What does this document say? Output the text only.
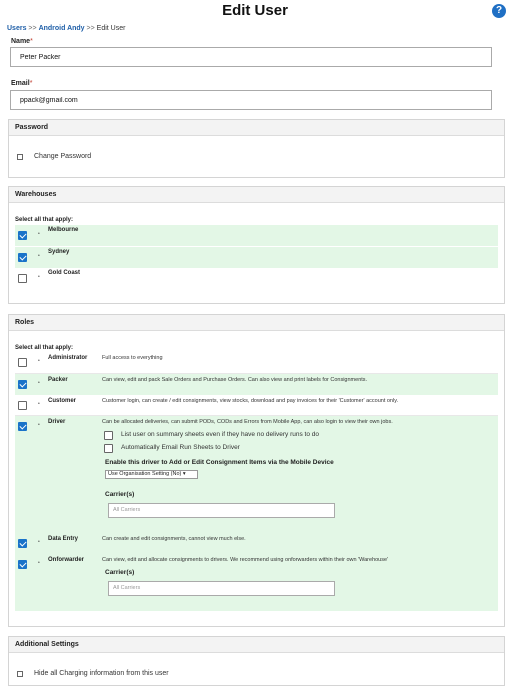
Edit User	?
Users >> Android Andy >> Edit User
Name*
Peter Packer
Email*
ppack@gmail.com
Password
Change Password
Warehouses
Select all that apply:
•
Melbourne
•
Sydney
•
Gold Coast
Roles
Select all that apply:
• Administrator	Full access to everything
• Packer	Can view, edit and pack Sale Orders and Purchase Orders. Can also view and print labels for Consignments.
• Customer	Customer login, can create / edit consignments, view stocks, download and pay invoices for their 'Customer' account only.
• Driver	Can be allocated deliveries, can submit PODs, CODs and Errors from Mobile App, can also login to view their own jobs.
List user on summary sheets even if they have no delivery runs to do
Automatically Email Run Sheets to Driver
Enable this driver to Add or Edit Consignment Items via the Mobile Device
Use Organisation Setting (No) ▾
Carrier(s)
All Carriers
• Data Entry	Can create and edit consignments, cannot view much else.
• Onforwarder	Can view, edit and allocate consignments to drivers. We recommend using onforwarders within their own 'Warehouse'
Carrier(s)
All Carriers
Additional Settings
Hide all Charging information from this user
